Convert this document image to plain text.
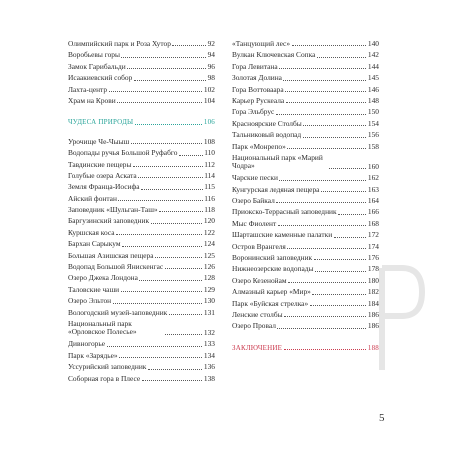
Олимпийский парк и Роза Хутор	92
Воробьевы горы	94
Замок Гарибальди	96
Исаакиевский собор	98
Лахта-центр	102
Храм на Крови	104
ЧУДЕСА ПРИРОДЫ	106
Урочище Че-Чыыш	108
Водопады ручья Большой Руфабго	110
Тавдинские пещеры	112
Голубые озера Аската	114
Земля Франца-Иосифа	115
Айский фонтан	116
Заповедник «Шульган-Таш»	118
Баргузинский заповедник	120
Куршская коса	122
Бархан Сарыкум	124
Большая Азишская пещера	125
Водопад Большой Янискенгас	126
Озеро Джека Лондона	128
Таловские чаши	129
Озеро Эльтон	130
Вологодский музей-заповедник	131
Национальный парк «Орловское Полесье»	132
Дивногорье	133
Парк «Зарядье»	134
Уссурийский заповедник	136
Соборная гора в Плесе	138
«Танцующий лес»	140
Вулкан Ключевская Сопка	142
Гора Левитана	144
Золотая Долина	145
Гора Воттоваара	146
Карьер Рускеала	148
Гора Эльбрус	150
Красноярские Столбы	154
Тальниковый водопад	156
Парк «Монрепо»	158
Национальный парк «Марий Чодра»	160
Чарские пески	162
Кунгурская ледяная пещера	163
Озеро Байкал	164
Приокско-Террасный заповедник	166
Мыс Фиолент	168
Шарташские каменные палатки	172
Остров Врангеля	174
Воронинский заповедник	176
Нижнеозерские водопады	178
Озеро Кезенойам	180
Алмазный карьер «Мир»	182
Парк «Буйская стрелка»	184
Ленские столбы	186
Озеро Провал	186
ЗАКЛЮЧЕНИЕ	188
5
